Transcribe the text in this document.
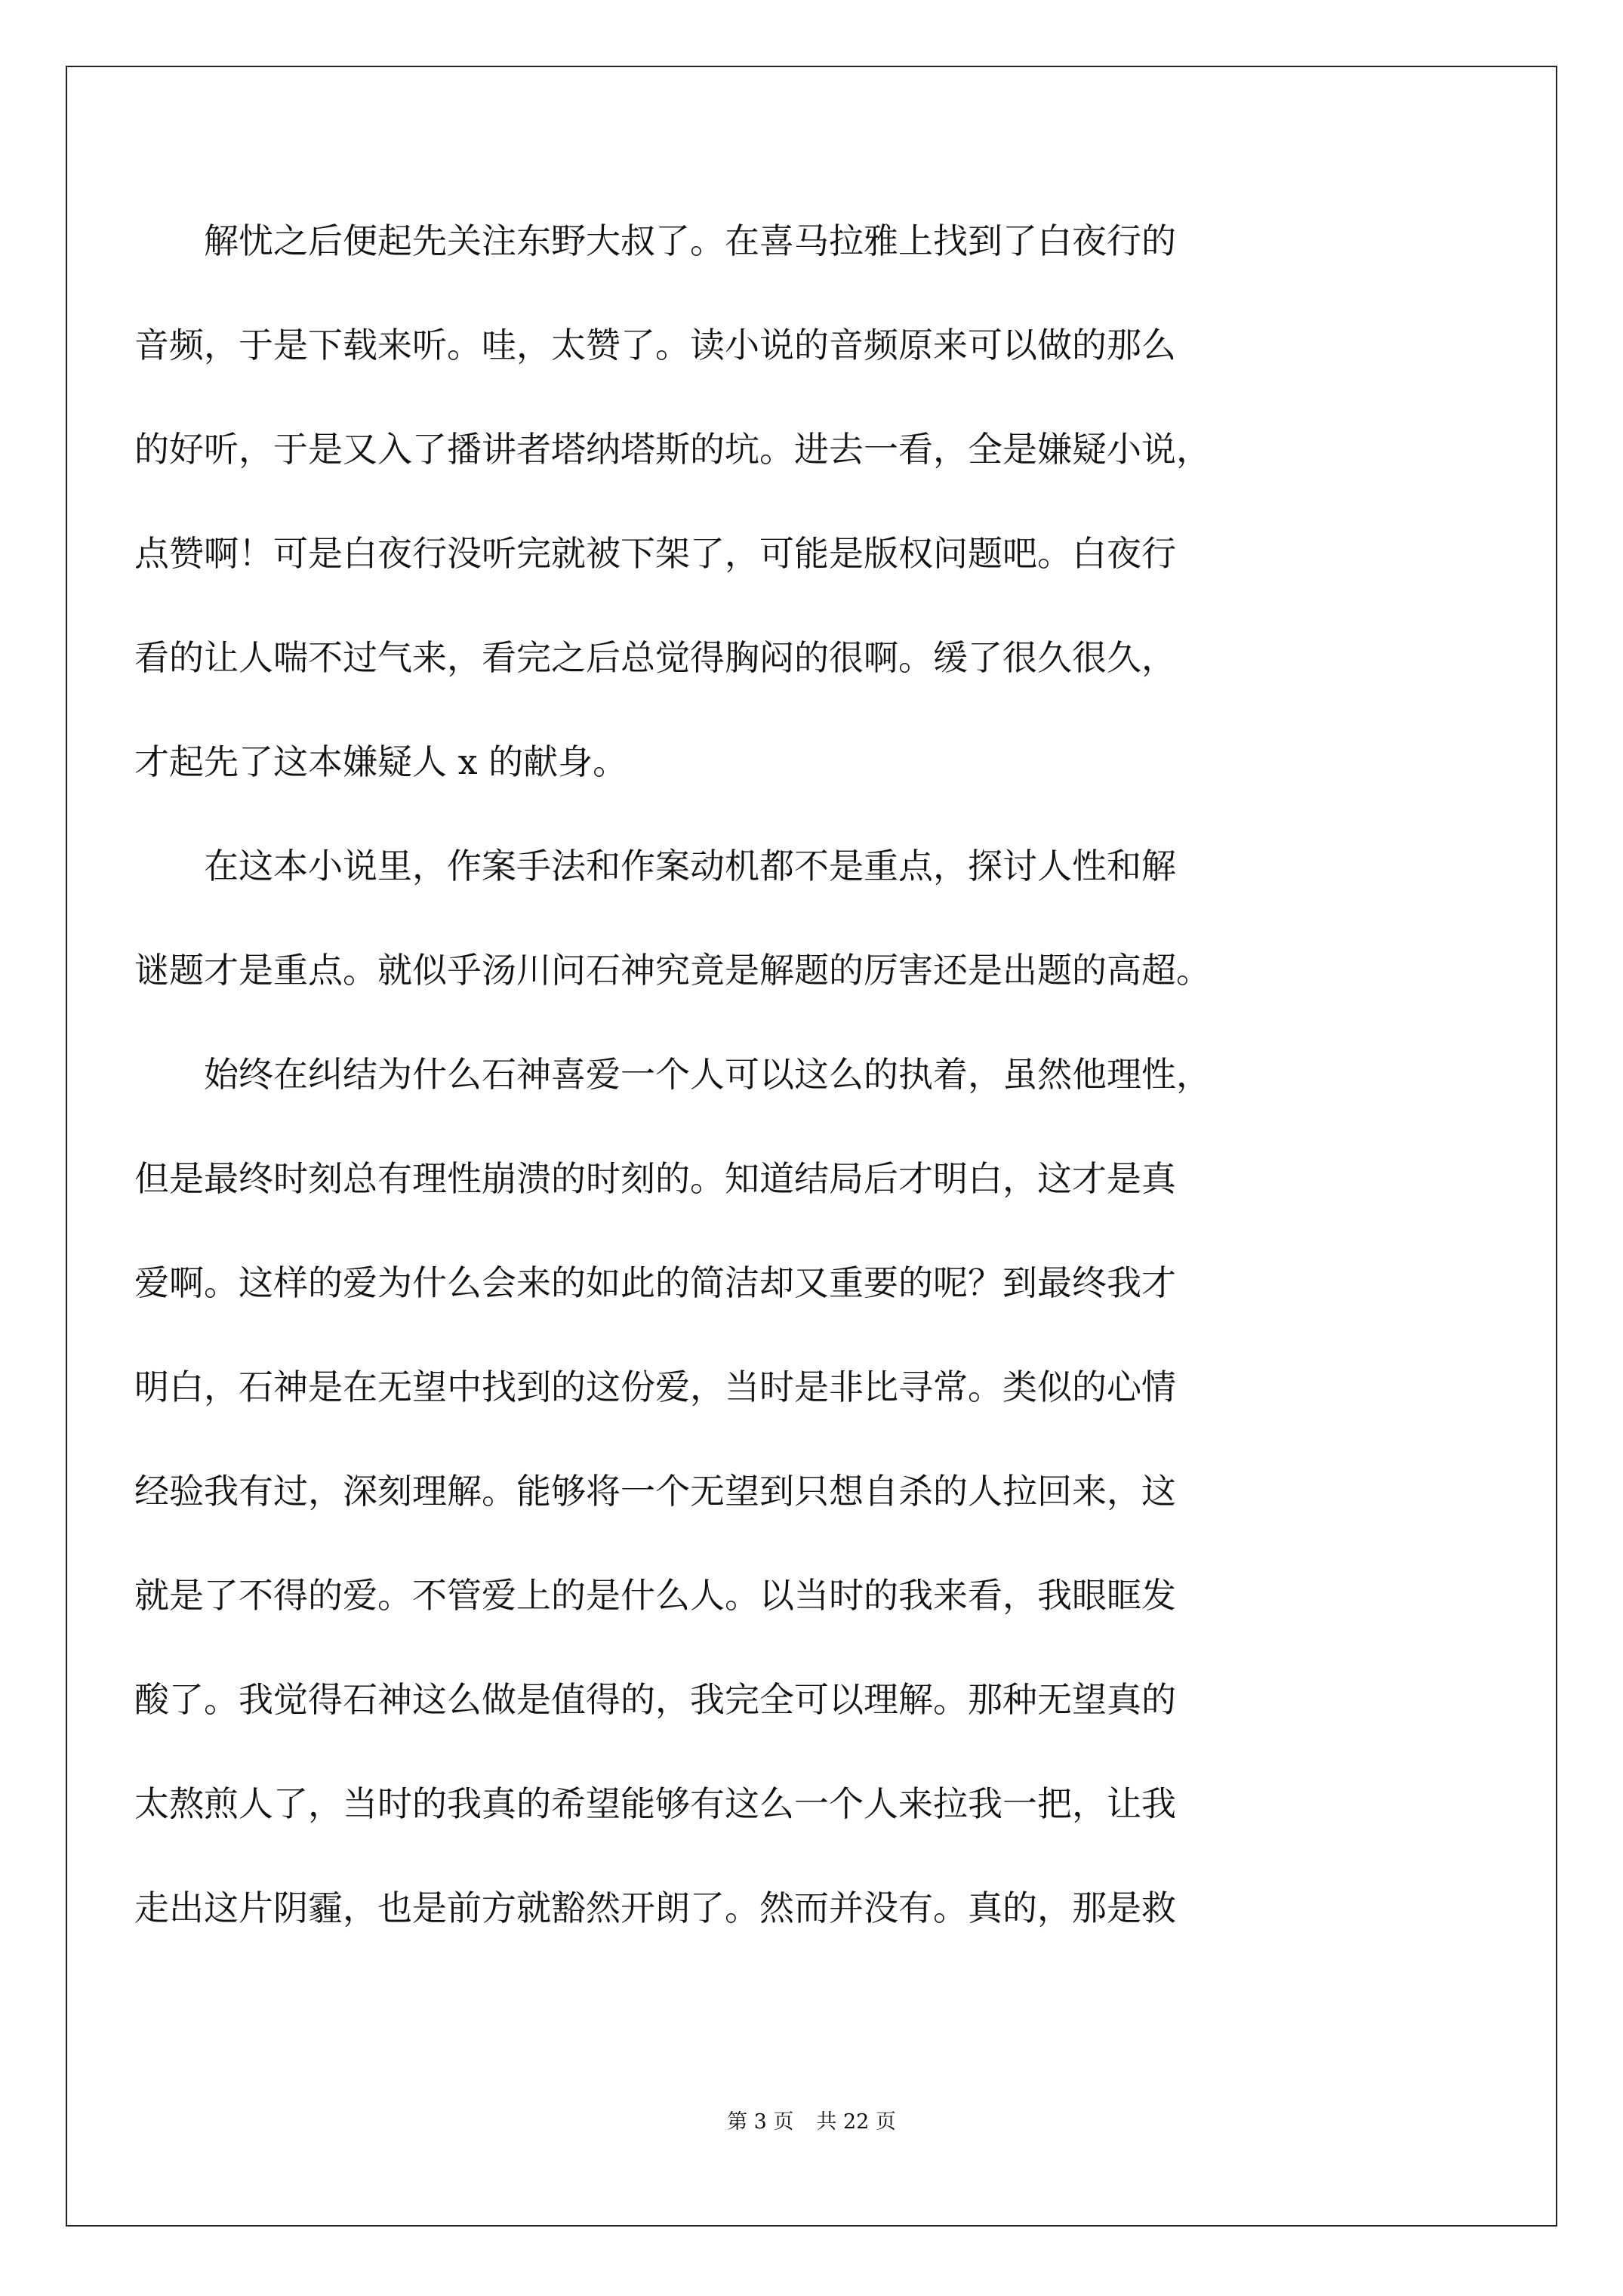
解忧之后便起先关注东野大叔了。在喜马拉雅上找到了白夜行的
音频，于是下载来听。哇，太赞了。读小说的音频原来可以做的那么
的好听，于是又入了播讲者塔纳塔斯的坑。进去一看，全是嫌疑小说，
点赞啊！可是白夜行没听完就被下架了，可能是版权问题吧。白夜行
看的让人喘不过气来，看完之后总觉得胸闷的很啊。缓了很久很久，
才起先了这本嫌疑人 x 的献身。
在这本小说里，作案手法和作案动机都不是重点，探讨人性和解
谜题才是重点。就似乎汤川问石神究竟是解题的厉害还是出题的高超。
始终在纠结为什么石神喜爱一个人可以这么的执着，虽然他理性，
但是最终时刻总有理性崩溃的时刻的。知道结局后才明白，这才是真
爱啊。这样的爱为什么会来的如此的简洁却又重要的呢？到最终我才
明白，石神是在无望中找到的这份爱，当时是非比寻常。类似的心情
经验我有过，深刻理解。能够将一个无望到只想自杀的人拉回来，这
就是了不得的爱。不管爱上的是什么人。以当时的我来看，我眼眶发
酸了。我觉得石神这么做是值得的，我完全可以理解。那种无望真的
太熬煎人了，当时的我真的希望能够有这么一个人来拉我一把，让我
走出这片阴霾，也是前方就豁然开朗了。然而并没有。真的，那是救
第 3 页 共 22 页
